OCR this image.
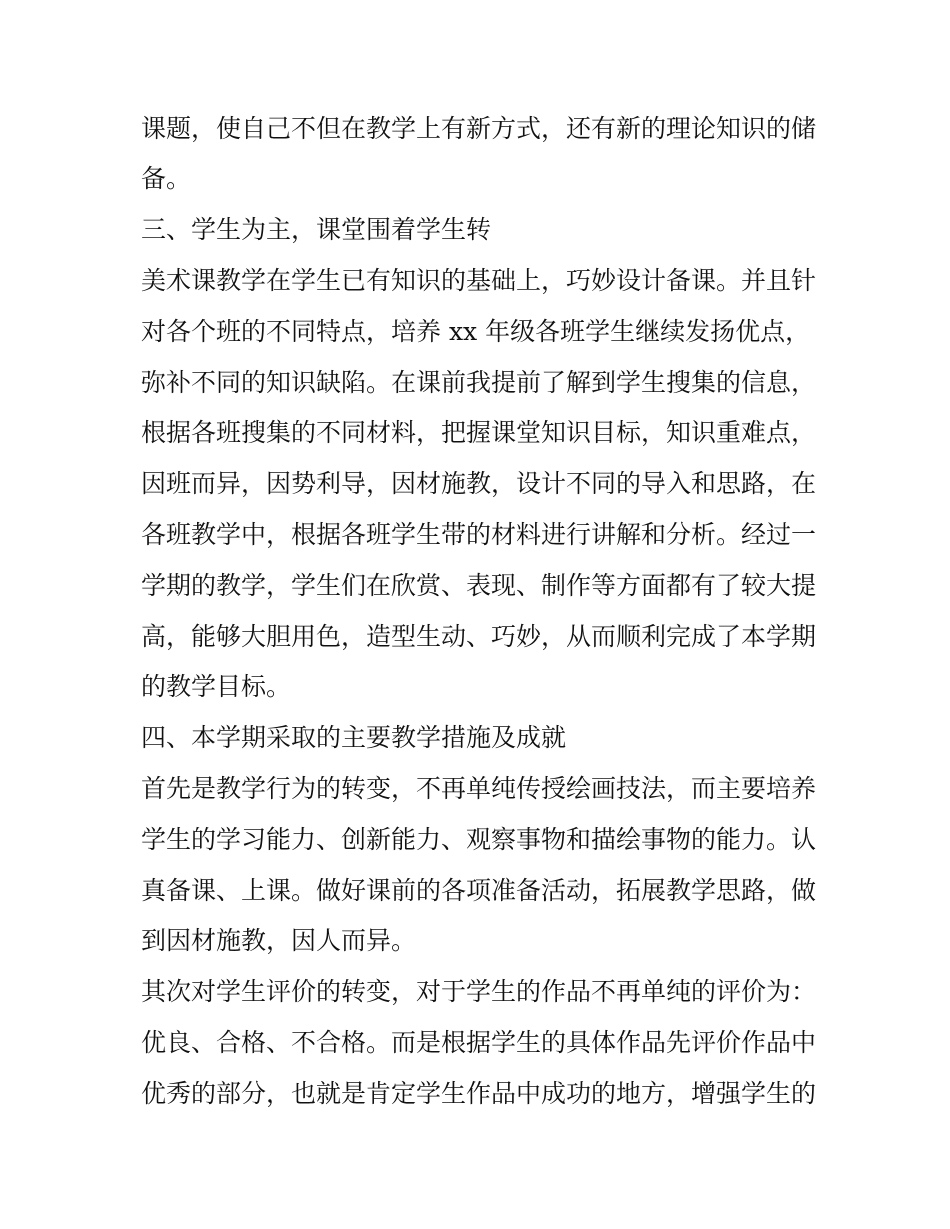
课题，使自己不但在教学上有新方式，还有新的理论知识的储
备。
三、学生为主，课堂围着学生转
美术课教学在学生已有知识的基础上，巧妙设计备课。并且针
对各个班的不同特点，培养 xx 年级各班学生继续发扬优点，
弥补不同的知识缺陷。在课前我提前了解到学生搜集的信息，
根据各班搜集的不同材料，把握课堂知识目标，知识重难点，
因班而异，因势利导，因材施教，设计不同的导入和思路，在
各班教学中，根据各班学生带的材料进行讲解和分析。经过一
学期的教学，学生们在欣赏、表现、制作等方面都有了较大提
高，能够大胆用色，造型生动、巧妙，从而顺利完成了本学期
的教学目标。
四、本学期采取的主要教学措施及成就
首先是教学行为的转变，不再单纯传授绘画技法，而主要培养
学生的学习能力、创新能力、观察事物和描绘事物的能力。认
真备课、上课。做好课前的各项准备活动，拓展教学思路，做
到因材施教，因人而异。
其次对学生评价的转变，对于学生的作品不再单纯的评价为：
优良、合格、不合格。而是根据学生的具体作品先评价作品中
优秀的部分，也就是肯定学生作品中成功的地方，增强学生的
